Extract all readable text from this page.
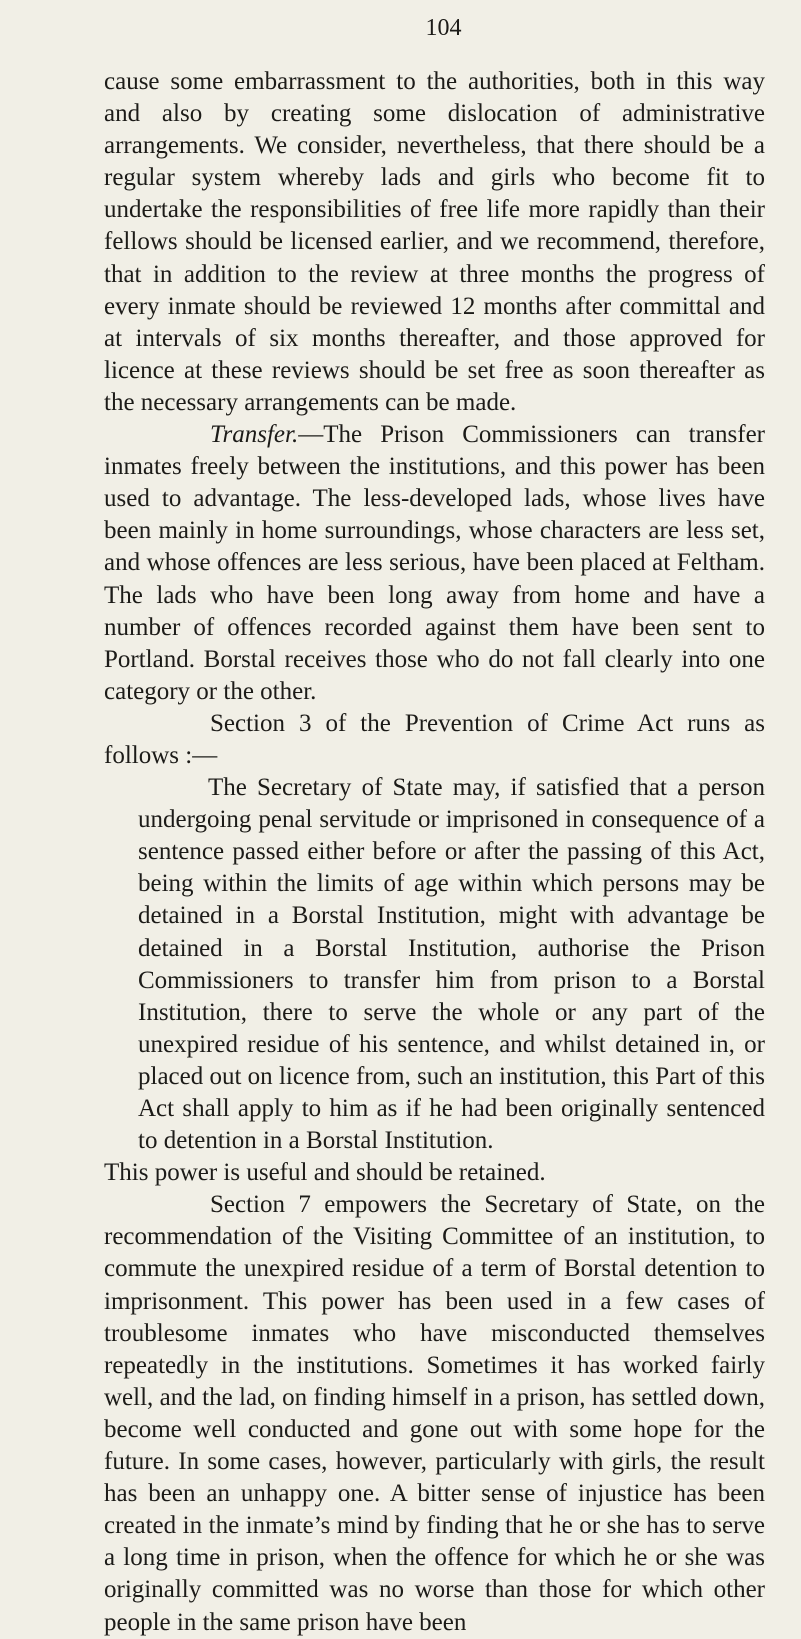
104

cause some embarrassment to the authorities, both in this way and also by creating some dislocation of administrative arrangements. We consider, nevertheless, that there should be a regular system whereby lads and girls who become fit to undertake the responsibilities of free life more rapidly than their fellows should be licensed earlier, and we recommend, therefore, that in addition to the review at three months the progress of every inmate should be reviewed 12 months after committal and at intervals of six months thereafter, and those approved for licence at these reviews should be set free as soon thereafter as the necessary arrangements can be made.

Transfer.—The Prison Commissioners can transfer inmates freely between the institutions, and this power has been used to advantage. The less-developed lads, whose lives have been mainly in home surroundings, whose characters are less set, and whose offences are less serious, have been placed at Feltham. The lads who have been long away from home and have a number of offences recorded against them have been sent to Portland. Borstal receives those who do not fall clearly into one category or the other.

Section 3 of the Prevention of Crime Act runs as follows :—

The Secretary of State may, if satisfied that a person undergoing penal servitude or imprisoned in consequence of a sentence passed either before or after the passing of this Act, being within the limits of age within which persons may be detained in a Borstal Institution, might with advantage be detained in a Borstal Institution, authorise the Prison Commissioners to transfer him from prison to a Borstal Institution, there to serve the whole or any part of the unexpired residue of his sentence, and whilst detained in, or placed out on licence from, such an institution, this Part of this Act shall apply to him as if he had been originally sentenced to detention in a Borstal Institution.

This power is useful and should be retained.

Section 7 empowers the Secretary of State, on the recommendation of the Visiting Committee of an institution, to commute the unexpired residue of a term of Borstal detention to imprisonment. This power has been used in a few cases of troublesome inmates who have misconducted themselves repeatedly in the institutions. Sometimes it has worked fairly well, and the lad, on finding himself in a prison, has settled down, become well conducted and gone out with some hope for the future. In some cases, however, particularly with girls, the result has been an unhappy one. A bitter sense of injustice has been created in the inmate’s mind by finding that he or she has to serve a long time in prison, when the offence for which he or she was originally committed was no worse than those for which other people in the same prison have been
